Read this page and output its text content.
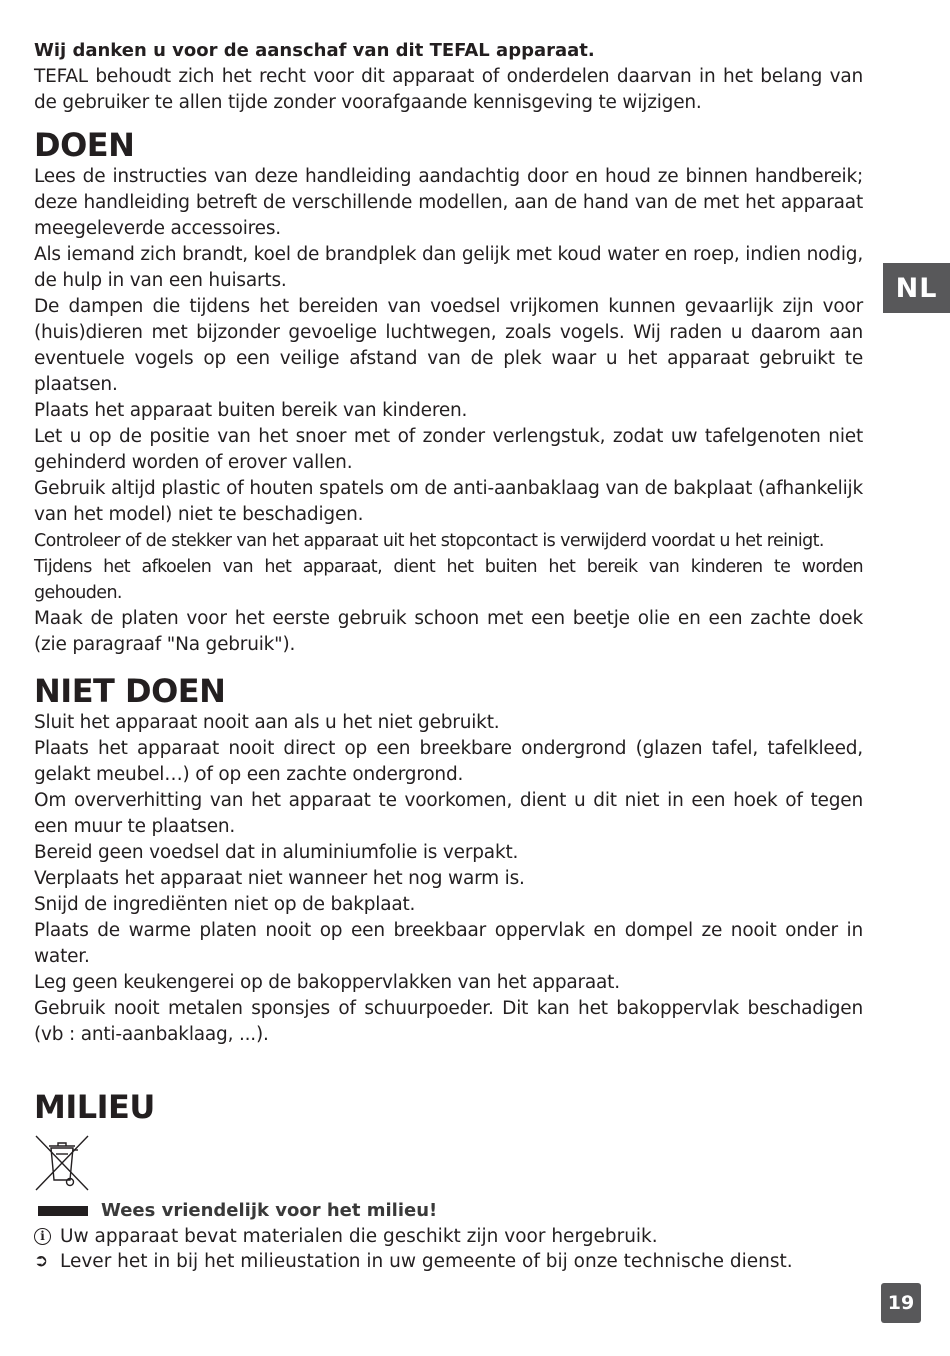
Wij danken u voor de aanschaf van dit TEFAL apparaat.

TEFAL behoudt zich het recht voor dit apparaat of onderdelen daarvan in het belang van de gebruiker te allen tijde zonder voorafgaande kennisgeving te wijzigen.

DOEN

Lees de instructies van deze handleiding aandachtig door en houd ze binnen handbereik; deze handleiding betreft de verschillende modellen, aan de hand van de met het apparaat meegeleverde accessoires.

Als iemand zich brandt, koel de brandplek dan gelijk met koud water en roep, indien nodig, de hulp in van een huisarts.

De dampen die tijdens het bereiden van voedsel vrijkomen kunnen gevaarlijk zijn voor (huis)dieren met bijzonder gevoelige luchtwegen, zoals vogels. Wij raden u daarom aan eventuele vogels op een veilige afstand van de plek waar u het apparaat gebruikt te plaatsen.

Plaats het apparaat buiten bereik van kinderen.

Let u op de positie van het snoer met of zonder verlengstuk, zodat uw tafelgenoten niet gehinderd worden of erover vallen.

Gebruik altijd plastic of houten spatels om de anti-aanbaklaag van de bakplaat (afhankelijk van het model) niet te beschadigen.

Controleer of de stekker van het apparaat uit het stopcontact is verwijderd voordat u het reinigt.

Tijdens het afkoelen van het apparaat, dient het buiten het bereik van kinderen te worden gehouden.

Maak de platen voor het eerste gebruik schoon met een beetje olie en een zachte doek (zie paragraaf "Na gebruik").

NIET DOEN

Sluit het apparaat nooit aan als u het niet gebruikt.

Plaats het apparaat nooit direct op een breekbare ondergrond (glazen tafel, tafelkleed, gelakt meubel…) of op een zachte ondergrond.

Om oververhitting van het apparaat te voorkomen, dient u dit niet in een hoek of tegen een muur te plaatsen.

Bereid geen voedsel dat in aluminiumfolie is verpakt.

Verplaats het apparaat niet wanneer het nog warm is.

Snijd de ingrediënten niet op de bakplaat.

Plaats de warme platen nooit op een breekbaar oppervlak en dompel ze nooit onder in water.

Leg geen keukengerei op de bakoppervlakken van het apparaat.

Gebruik nooit metalen sponsjes of schuurpoeder. Dit kan het bakoppervlak beschadigen (vb : anti-aanbaklaag, ...).

MILIEU
Wees vriendelijk voor het milieu!
i Uw apparaat bevat materialen die geschikt zijn voor hergebruik.
➲ Lever het in bij het milieustation in uw gemeente of bij onze technische dienst.
NL
19
